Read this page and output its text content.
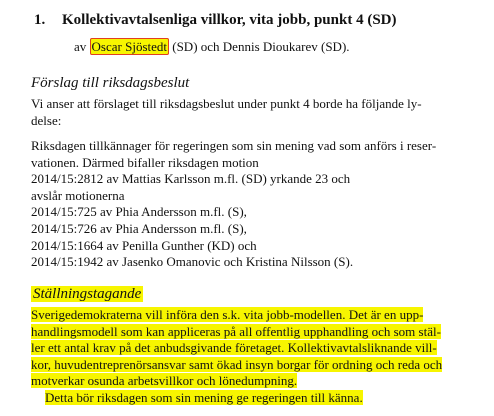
1. Kollektivavtalsenliga villkor, vita jobb, punkt 4 (SD)
av Oscar Sjöstedt (SD) och Dennis Dioukarev (SD).
Förslag till riksdagsbeslut
Vi anser att förslaget till riksdagsbeslut under punkt 4 borde ha följande ly-
delse:
Riksdagen tillkännager för regeringen som sin mening vad som anförs i reser-
vationen. Därmed bifaller riksdagen motion
2014/15:2812 av Mattias Karlsson m.fl. (SD) yrkande 23 och
avslår motionerna
2014/15:725 av Phia Andersson m.fl. (S),
2014/15:726 av Phia Andersson m.fl. (S),
2014/15:1664 av Penilla Gunther (KD) och
2014/15:1942 av Jasenko Omanovic och Kristina Nilsson (S).
Ställningstagande
Sverigedemokraterna vill införa den s.k. vita jobb-modellen. Det är en upp-
handlingsmodell som kan appliceras på all offentlig upphandling och som stäl-
ler ett antal krav på det anbudsgivande företaget. Kollektivavtalsliknande vill-
kor, huvudentreprenörsansvar samt ökad insyn borgar för ordning och reda och
motverkar osunda arbetsvillkor och lönedumpning.
Detta bör riksdagen som sin mening ge regeringen till känna.
